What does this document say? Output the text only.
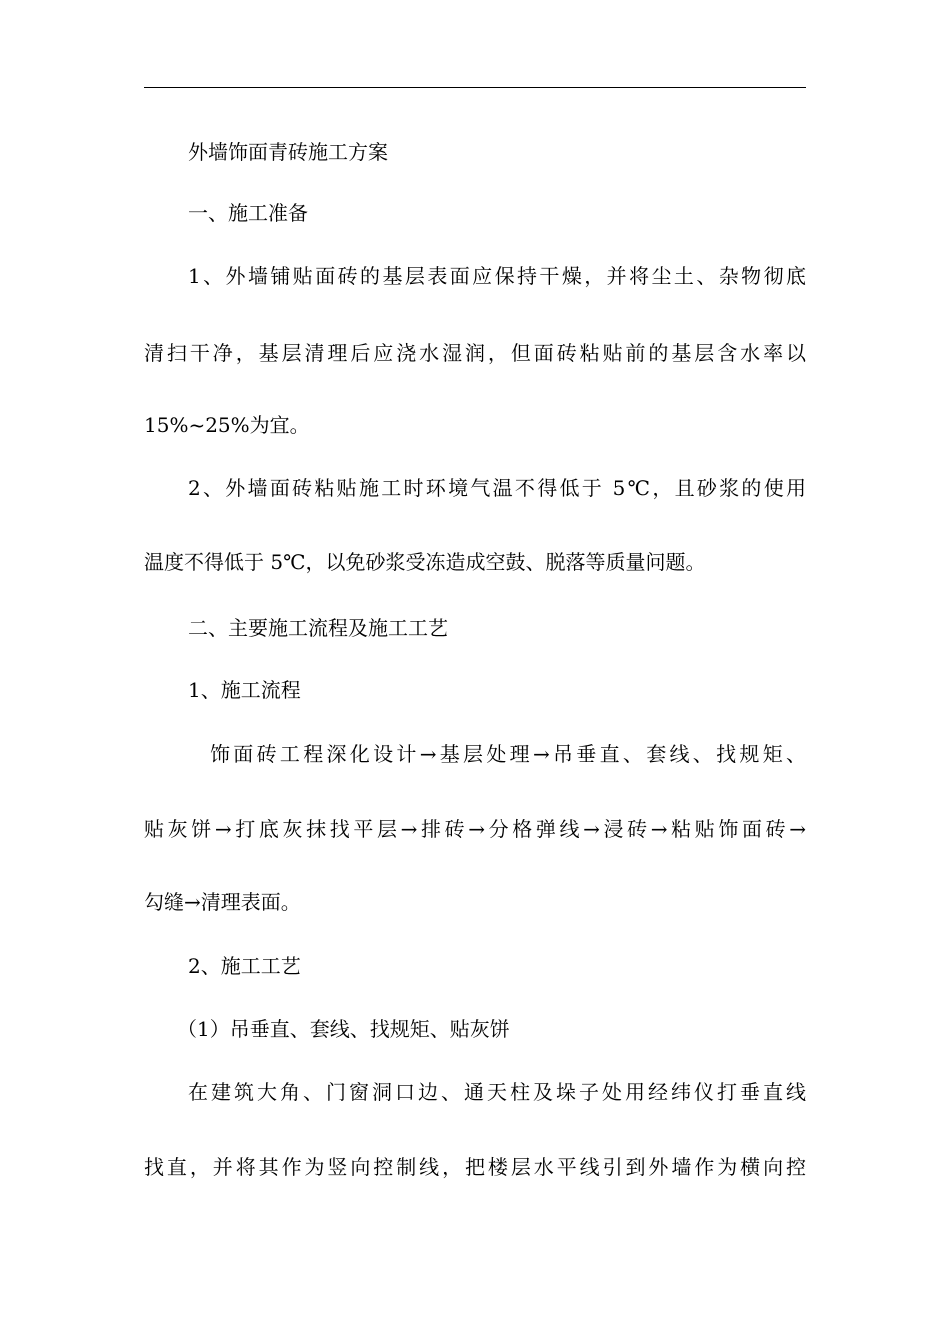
外墙饰面青砖施工方案
一、施工准备
1、外墙铺贴面砖的基层表面应保持干燥，并将尘土、杂物彻底
清扫干净，基层清理后应浇水湿润，但面砖粘贴前的基层含水率以
15%~25%为宜。
2、外墙面砖粘贴施工时环境气温不得低于 5℃，且砂浆的使用
温度不得低于 5℃，以免砂浆受冻造成空鼓、脱落等质量问题。
二、主要施工流程及施工工艺
1、施工流程
饰面砖工程深化设计→基层处理→吊垂直、套线、找规矩、
贴灰饼→打底灰抹找平层→排砖→分格弹线→浸砖→粘贴饰面砖→
勾缝→清理表面。
2、施工工艺
（1）吊垂直、套线、找规矩、贴灰饼
在建筑大角、门窗洞口边、通天柱及垛子处用经纬仪打垂直线
找直，并将其作为竖向控制线，把楼层水平线引到外墙作为横向控
